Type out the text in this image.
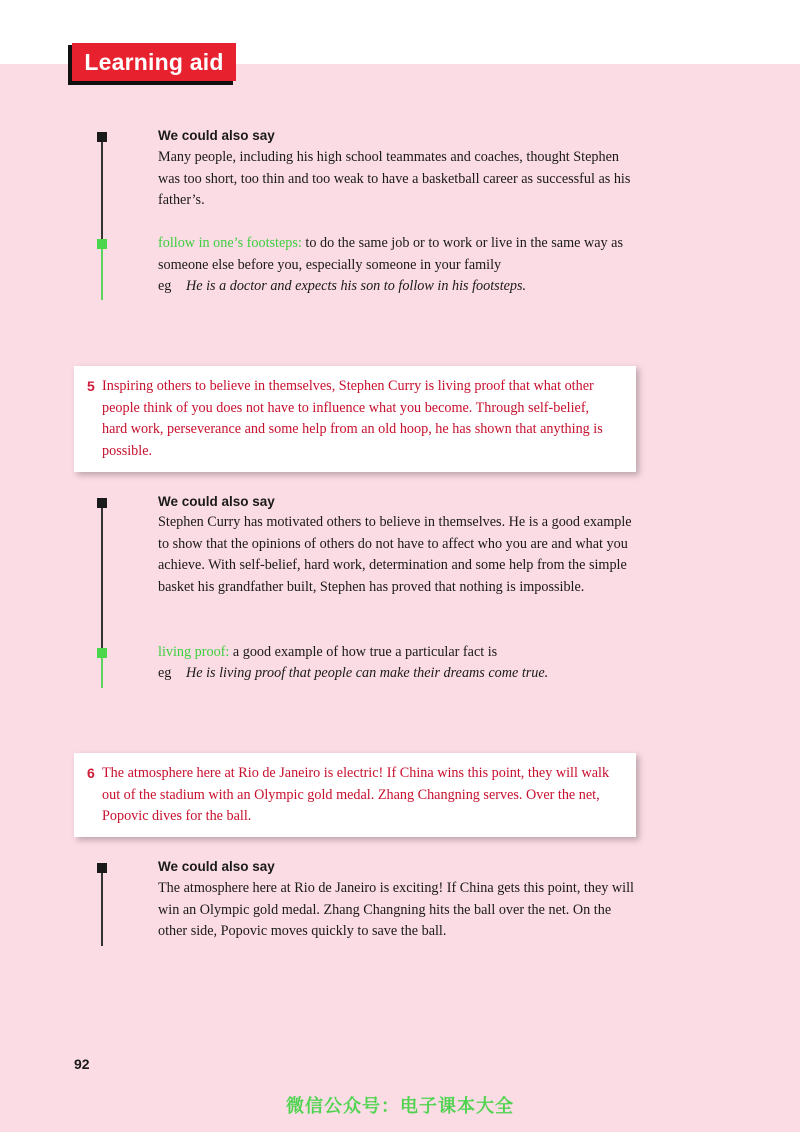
Learning aid
We could also say

Many people, including his high school teammates and coaches, thought Stephen was too short, too thin and too weak to have a basketball career as successful as his father’s.

follow in one’s footsteps: to do the same job or to work or live in the same way as someone else before you, especially someone in your family

eg He is a doctor and expects his son to follow in his footsteps.
5 Inspiring others to believe in themselves, Stephen Curry is living proof that what other people think of you does not have to influence what you become. Through self-belief, hard work, perseverance and some help from an old hoop, he has shown that anything is possible.

We could also say

Stephen Curry has motivated others to believe in themselves. He is a good example to show that the opinions of others do not have to affect who you are and what you achieve. With self-belief, hard work, determination and some help from the simple basket his grandfather built, Stephen has proved that nothing is impossible.

living proof: a good example of how true a particular fact is

eg He is living proof that people can make their dreams come true.
6 The atmosphere here at Rio de Janeiro is electric! If China wins this point, they will walk out of the stadium with an Olympic gold medal. Zhang Changning serves. Over the net, Popovic dives for the ball.

We could also say

The atmosphere here at Rio de Janeiro is exciting! If China gets this point, they will win an Olympic gold medal. Zhang Changning hits the ball over the net. On the other side, Popovic moves quickly to save the ball.

92
微信公众号：电子课本大全
